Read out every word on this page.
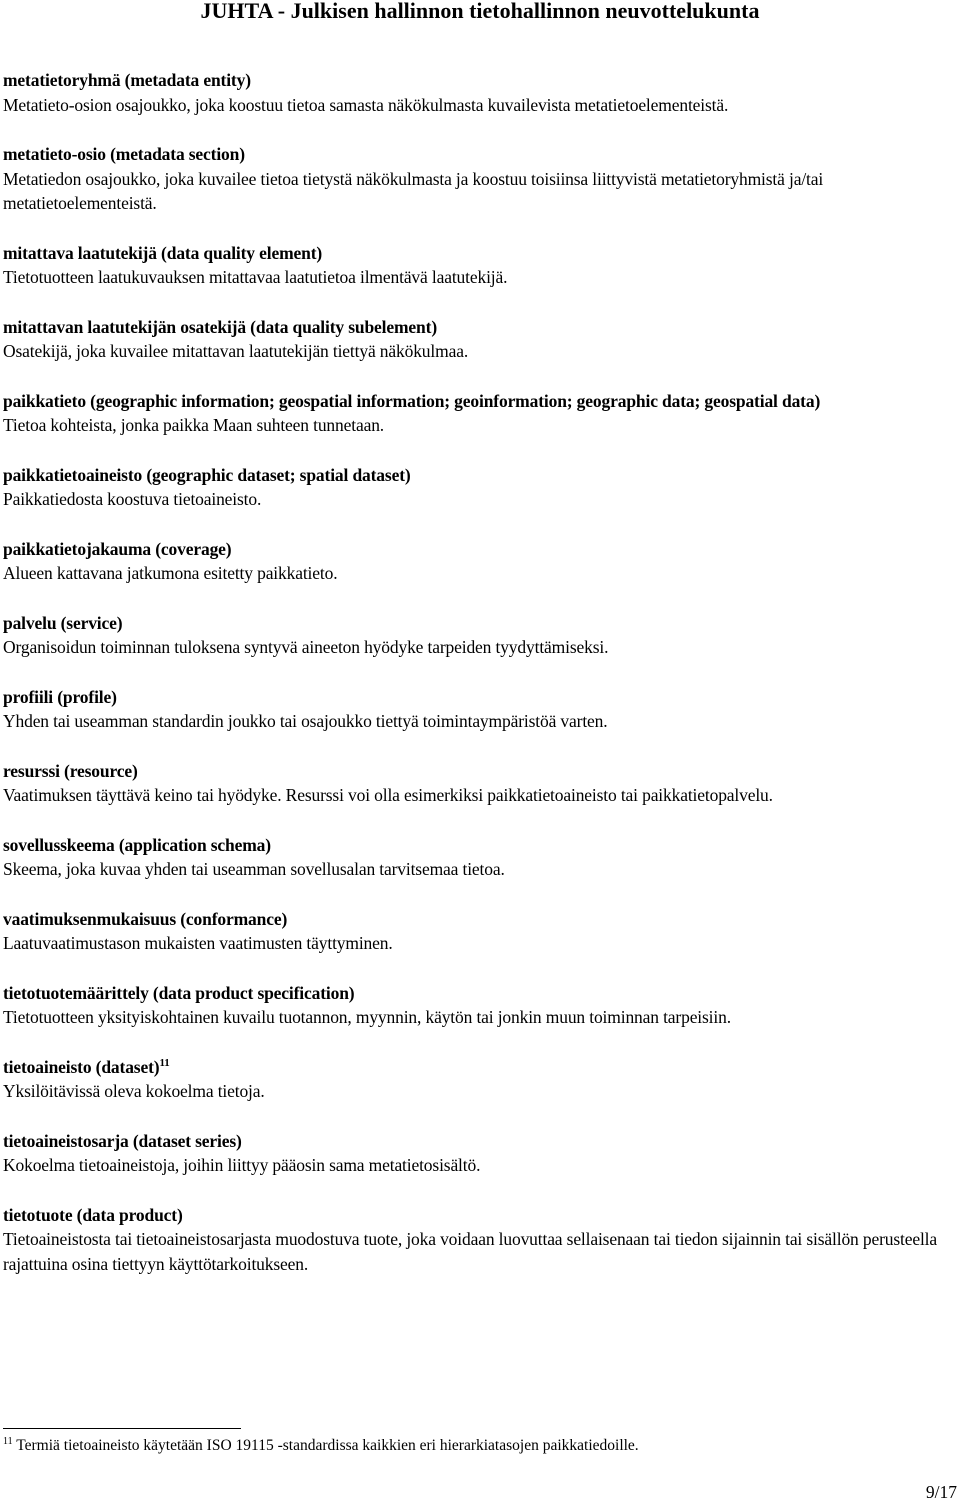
JUHTA - Julkisen hallinnon tietohallinnon neuvottelukunta
metatietoryhmä (metadata entity)
Metatieto-osion osajoukko, joka koostuu tietoa samasta näkökulmasta kuvailevista metatietoelementeistä.
metatieto-osio (metadata section)
Metatiedon osajoukko, joka kuvailee tietoa tietystä näkökulmasta ja koostuu toisiinsa liittyvistä metatietoryhmistä ja/tai metatietoelementeistä.
mitattava laatutekijä (data quality element)
Tietotuotteen laatukuvauksen mitattavaa laatutietoa ilmentävä laatutekijä.
mitattavan laatutekijän osatekijä (data quality subelement)
Osatekijä, joka kuvailee mitattavan laatutekijän tiettyä näkökulmaa.
paikkatieto (geographic information; geospatial information; geoinformation; geographic data; geospatial data)
Tietoa kohteista, jonka paikka Maan suhteen tunnetaan.
paikkatietoaineisto (geographic dataset; spatial dataset)
Paikkatiedosta koostuva tietoaineisto.
paikkatietojakauma (coverage)
Alueen kattavana jatkumona esitetty paikkatieto.
palvelu (service)
Organisoidun toiminnan tuloksena syntyvä aineeton hyödyke tarpeiden tyydyttämiseksi.
profiili (profile)
Yhden tai useamman standardin joukko tai osajoukko tiettyä toimintaympäristöä varten.
resurssi (resource)
Vaatimuksen täyttävä keino tai hyödyke. Resurssi voi olla esimerkiksi paikkatietoaineisto tai paikkatietopalvelu.
sovellusskeema (application schema)
Skeema, joka kuvaa yhden tai useamman sovellusalan tarvitsemaa tietoa.
vaatimuksenmukaisuus (conformance)
Laatuvaatimustason mukaisten vaatimusten täyttyminen.
tietotuotemäärittely (data product specification)
Tietotuotteen yksityiskohtainen kuvailu tuotannon, myynnin, käytön tai jonkin muun toiminnan tarpeisiin.
tietoaineisto (dataset)$^{11}$
Yksilöitävissä oleva kokoelma tietoja.
tietoaineistosarja (dataset series)
Kokoelma tietoaineistoja, joihin liittyy pääosin sama metatietosisältö.
tietotuote (data product)
Tietoaineistosta tai tietoaineistosarjasta muodostuva tuote, joka voidaan luovuttaa sellaisenaan tai tiedon sijainnin tai sisällön perusteella rajattuina osina tiettyyn käyttötarkoitukseen.
$^{11}$ Termiä tietoaineisto käytetään ISO 19115 -standardissa kaikkien eri hierarkiatasojen paikkatiedoille.
9/17
